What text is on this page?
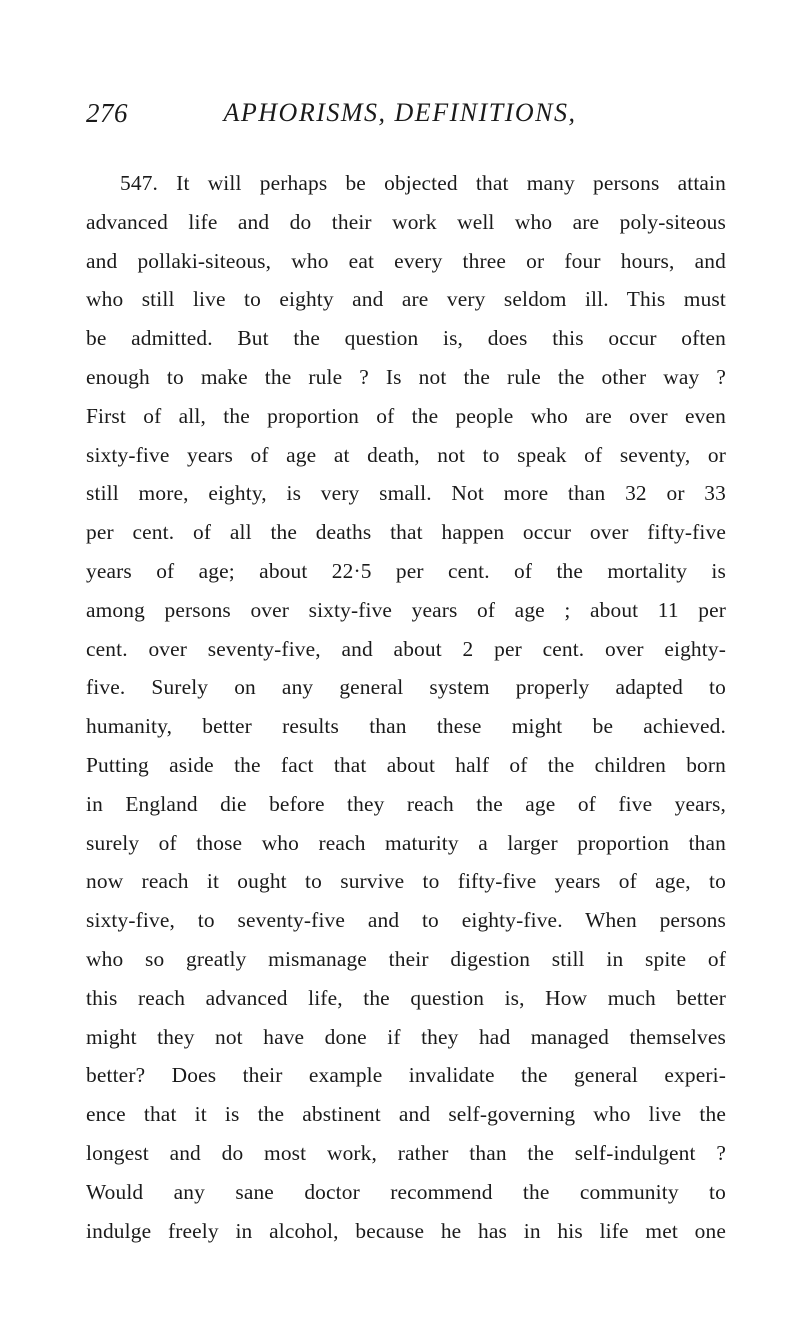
APHORISMS, DEFINITIONS,
276
547. It will perhaps be objected that many persons attain
advanced life and do their work well who are poly-siteous
and pollaki-siteous, who eat every three or four hours, and
who still live to eighty and are very seldom ill. This must
be admitted. But the question is, does this occur often
enough to make the rule ? Is not the rule the other way ?
First of all, the proportion of the people who are over even
sixty-five years of age at death, not to speak of seventy, or
still more, eighty, is very small. Not more than 32 or 33
per cent. of all the deaths that happen occur over fifty-five
years of age; about 22·5 per cent. of the mortality is
among persons over sixty-five years of age ; about 11 per
cent. over seventy-five, and about 2 per cent. over eighty-
five. Surely on any general system properly adapted to
humanity, better results than these might be achieved.
Putting aside the fact that about half of the children born
in England die before they reach the age of five years,
surely of those who reach maturity a larger proportion than
now reach it ought to survive to fifty-five years of age, to
sixty-five, to seventy-five and to eighty-five. When persons
who so greatly mismanage their digestion still in spite of
this reach advanced life, the question is, How much better
might they not have done if they had managed themselves
better? Does their example invalidate the general experi-
ence that it is the abstinent and self-governing who live the
longest and do most work, rather than the self-indulgent ?
Would any sane doctor recommend the community to
indulge freely in alcohol, because he has in his life met one
